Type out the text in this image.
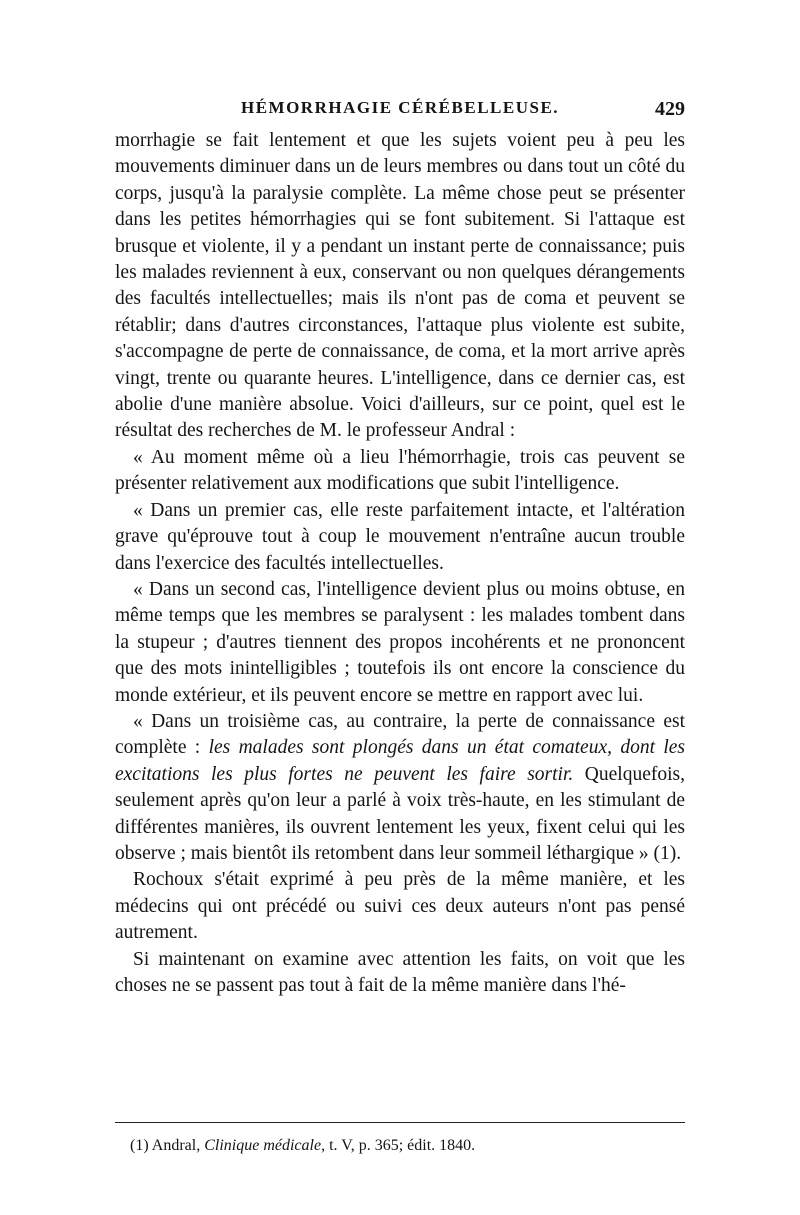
HÉMORRHAGIE CÉRÉBELLEUSE.	429

morrhagie se fait lentement et que les sujets voient peu à peu les mouvements diminuer dans un de leurs membres ou dans tout un côté du corps, jusqu'à la paralysie complète. La même chose peut se présenter dans les petites hémorrhagies qui se font subitement. Si l'attaque est brusque et violente, il y a pendant un instant perte de connaissance; puis les malades reviennent à eux, conservant ou non quelques dérangements des facultés intellectuelles; mais ils n'ont pas de coma et peuvent se rétablir; dans d'autres circonstances, l'attaque plus violente est subite, s'accompagne de perte de connaissance, de coma, et la mort arrive après vingt, trente ou quarante heures. L'intelligence, dans ce dernier cas, est abolie d'une manière absolue. Voici d'ailleurs, sur ce point, quel est le résultat des recherches de M. le professeur Andral :

« Au moment même où a lieu l'hémorrhagie, trois cas peuvent se présenter relativement aux modifications que subit l'intelligence.

« Dans un premier cas, elle reste parfaitement intacte, et l'altération grave qu'éprouve tout à coup le mouvement n'entraîne aucun trouble dans l'exercice des facultés intellectuelles.

« Dans un second cas, l'intelligence devient plus ou moins obtuse, en même temps que les membres se paralysent : les malades tombent dans la stupeur ; d'autres tiennent des propos incohérents et ne prononcent que des mots inintelligibles ; toutefois ils ont encore la conscience du monde extérieur, et ils peuvent encore se mettre en rapport avec lui.

« Dans un troisième cas, au contraire, la perte de connaissance est complète : les malades sont plongés dans un état comateux, dont les excitations les plus fortes ne peuvent les faire sortir. Quelquefois, seulement après qu'on leur a parlé à voix très-haute, en les stimulant de différentes manières, ils ouvrent lentement les yeux, fixent celui qui les observe ; mais bientôt ils retombent dans leur sommeil léthargique » (1).

Rochoux s'était exprimé à peu près de la même manière, et les médecins qui ont précédé ou suivi ces deux auteurs n'ont pas pensé autrement.

Si maintenant on examine avec attention les faits, on voit que les choses ne se passent pas tout à fait de la même manière dans l'hé-

(1) Andral, Clinique médicale, t. V, p. 365; édit. 1840.
